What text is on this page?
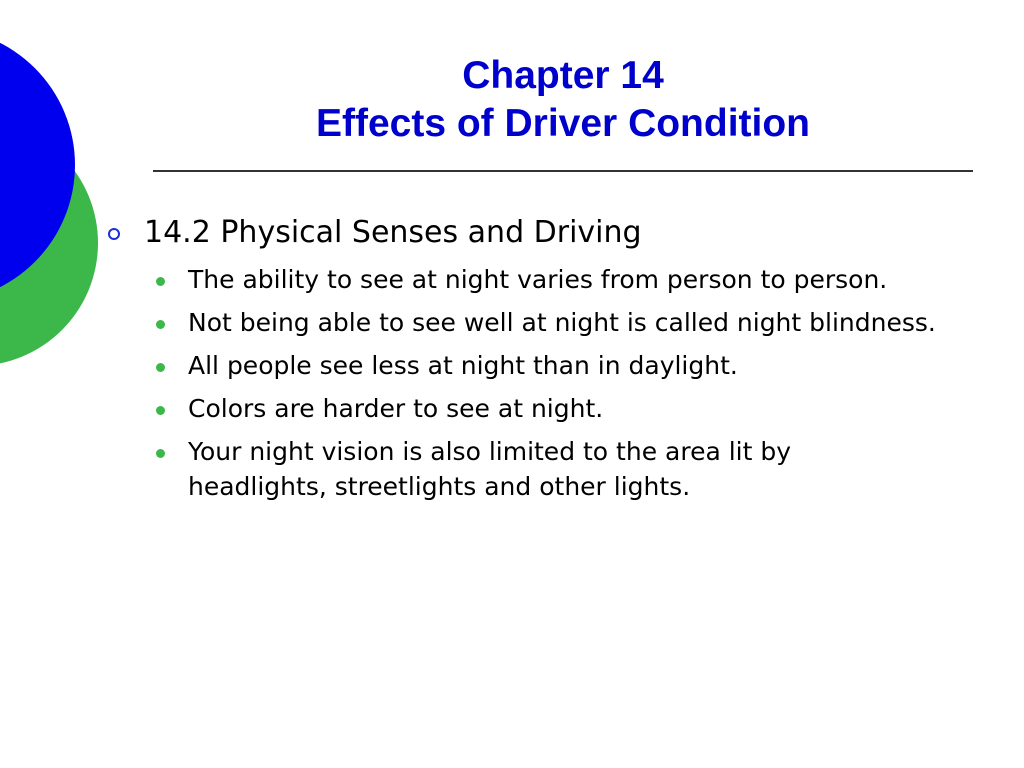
Chapter 14
Effects of Driver Condition
14.2 Physical Senses and Driving
The ability to see at night varies from person to person.
Not being able to see well at night is called night blindness.
All people see less at night than in daylight.
Colors are harder to see at night.
Your night vision is also limited to the area lit by headlights, streetlights and other lights.
